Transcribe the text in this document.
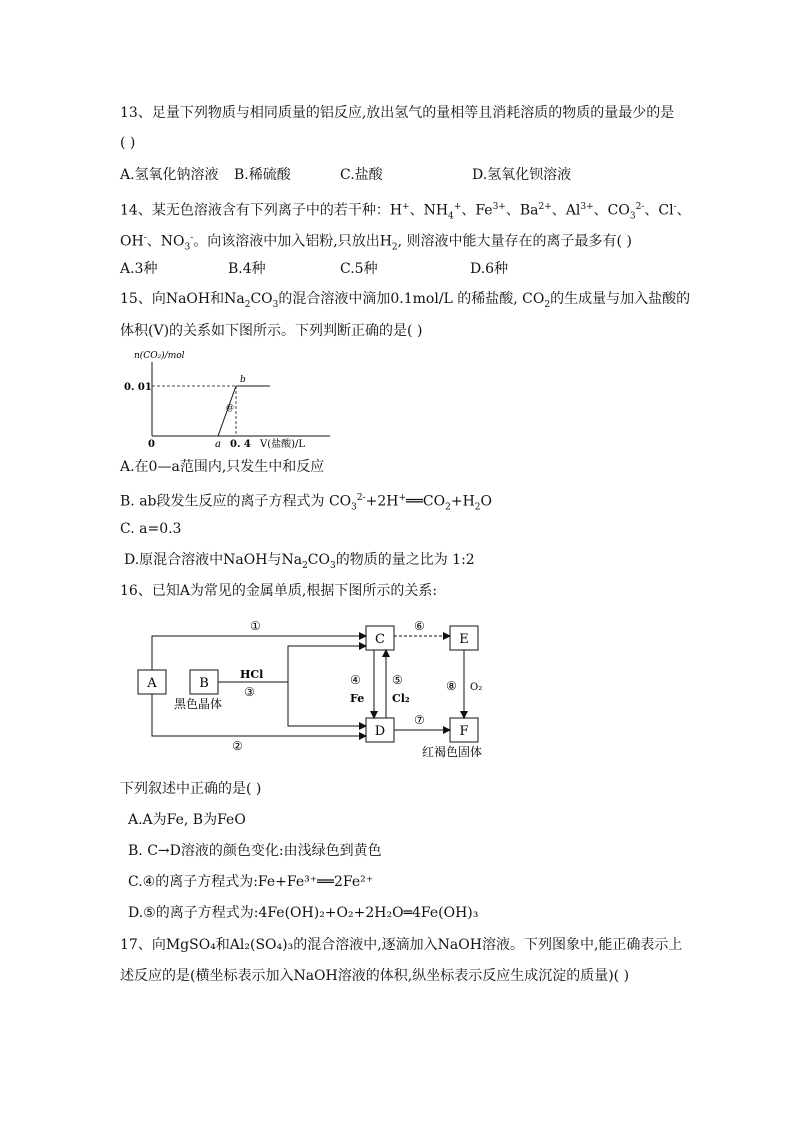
13、足量下列物质与相同质量的铝反应,放出氢气的量相等且消耗溶质的物质的量最少的是
( )
A.氢氧化钠溶液 B.稀硫酸	C.盐酸	D.氢氧化钡溶液
14、某无色溶液含有下列离子中的若干种：H+、$NH_4^+$、$Fe^{3+}$、$Ba^{2+}$、$Al^{3+}$、$CO_3^{2-}$、Cl-、
OH-、$NO_3^-$。向该溶液中加入铝粉,只放出$H_2$, 则溶液中能大量存在的离子最多有( )
A.3种	B.4种	C.5种	D.6种
15、向NaOH和$Na_2CO_3$的混合溶液中滴加0.1mol/L 的稀盐酸, $CO_2$的生成量与加入盐酸的
体积(V)的关系如下图所示。下列判断正确的是( )
n(CO₂)/mol
0. 01
b
@
0	a 0. 4 V(盐酸)/L
A.在0—a范围内,只发生中和反应
B. ab段发生反应的离子方程式为 $CO_3^{2-}+2H^+══CO_2+H_2O$
C. a=0.3
D.原混合溶液中NaOH与$Na_2CO_3$的物质的量之比为 1:2
16、已知A为常见的金属单质,根据下图所示的关系:
A	B
C
D
E
F
①
②
HCl
③
④
Fe
⑤
Cl₂
⑥
⑧ O₂
⑦
黑色晶体
红褐色固体
下列叙述中正确的是( )
A.A为Fe, B为FeO
B. C→D溶液的颜色变化:由浅绿色到黄色
C.④的离子方程式为:Fe+Fe³⁺══2Fe²⁺
D.⑤的离子方程式为:4Fe(OH)₂+O₂+2H₂O═4Fe(OH)₃
17、向MgSO₄和Al₂(SO₄)₃的混合溶液中,逐滴加入NaOH溶液。下列图象中,能正确表示上
述反应的是(横坐标表示加入NaOH溶液的体积,纵坐标表示反应生成沉淀的质量)( )
